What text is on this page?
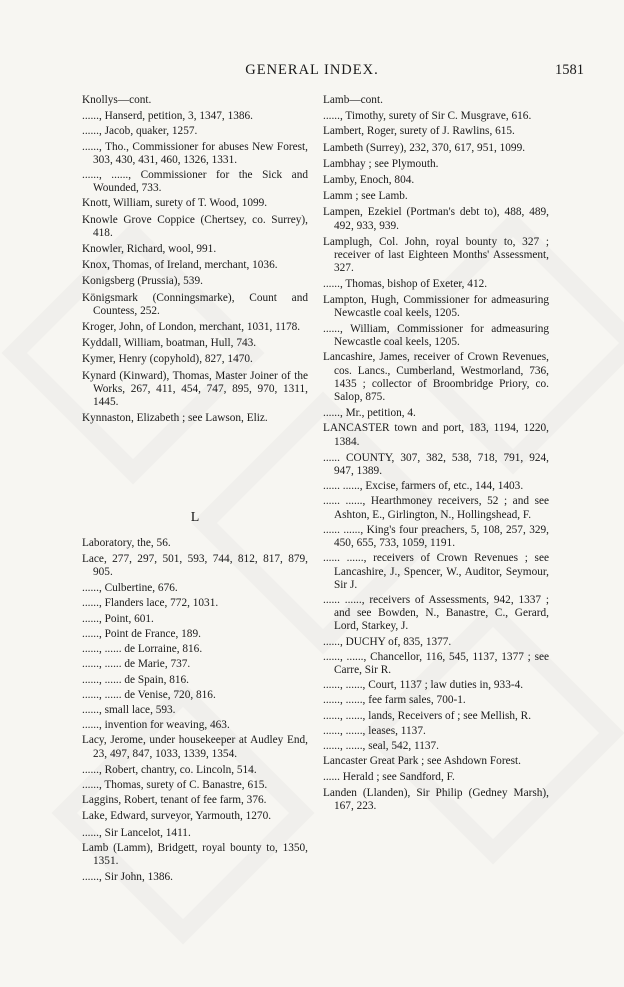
GENERAL INDEX.	1581
Knollys—cont.
......, Hanserd, petition, 3, 1347, 1386.
......, Jacob, quaker, 1257.
......, Tho., Commissioner for abuses New Forest, 303, 430, 431, 460, 1326, 1331.
......, ......, Commissioner for the Sick and Wounded, 733.
Knott, William, surety of T. Wood, 1099.
Knowle Grove Coppice (Chertsey, co. Surrey), 418.
Knowler, Richard, wool, 991.
Knox, Thomas, of Ireland, merchant, 1036.
Konigsberg (Prussia), 539.
Königsmark (Conningsmarke), Count and Countess, 252.
Kroger, John, of London, merchant, 1031, 1178.
Kyddall, William, boatman, Hull, 743.
Kymer, Henry (copyhold), 827, 1470.
Kynard (Kinward), Thomas, Master Joiner of the Works, 267, 411, 454, 747, 895, 970, 1311, 1445.
Kynnaston, Elizabeth ; see Lawson, Eliz.
L
Laboratory, the, 56.
Lace, 277, 297, 501, 593, 744, 812, 817, 879, 905.
......, Culbertine, 676.
......, Flanders lace, 772, 1031.
......, Point, 601.
......, Point de France, 189.
......, ...... de Lorraine, 816.
......, ...... de Marie, 737.
......, ...... de Spain, 816.
......, ...... de Venise, 720, 816.
......, small lace, 593.
......, invention for weaving, 463.
Lacy, Jerome, under housekeeper at Audley End, 23, 497, 847, 1033, 1339, 1354.
......, Robert, chantry, co. Lincoln, 514.
......, Thomas, surety of C. Banastre, 615.
Laggins, Robert, tenant of fee farm, 376.
Lake, Edward, surveyor, Yarmouth, 1270.
......, Sir Lancelot, 1411.
Lamb (Lamm), Bridgett, royal bounty to, 1350, 1351.
......, Sir John, 1386.
Lamb—cont.
......, Timothy, surety of Sir C. Musgrave, 616.
Lambert, Roger, surety of J. Rawlins, 615.
Lambeth (Surrey), 232, 370, 617, 951, 1099.
Lambhay ; see Plymouth.
Lamby, Enoch, 804.
Lamm ; see Lamb.
Lampen, Ezekiel (Portman's debt to), 488, 489, 492, 933, 939.
Lamplugh, Col. John, royal bounty to, 327 ; receiver of last Eighteen Months' Assessment, 327.
......, Thomas, bishop of Exeter, 412.
Lampton, Hugh, Commissioner for admeasuring Newcastle coal keels, 1205.
......, William, Commissioner for admeasuring Newcastle coal keels, 1205.
Lancashire, James, receiver of Crown Revenues, cos. Lancs., Cumberland, Westmorland, 736, 1435 ; collector of Broombridge Priory, co. Salop, 875.
......, Mr., petition, 4.
LANCASTER town and port, 183, 1194, 1220, 1384.
...... COUNTY, 307, 382, 538, 718, 791, 924, 947, 1389.
...... ......, Excise, farmers of, etc., 144, 1403.
...... ......, Hearthmoney receivers, 52 ; and see Ashton, E., Girlington, N., Hollingshead, F.
...... ......, King's four preachers, 5, 108, 257, 329, 450, 655, 733, 1059, 1191.
...... ......, receivers of Crown Revenues ; see Lancashire, J., Spencer, W., Auditor, Seymour, Sir J.
...... ......, receivers of Assessments, 942, 1337 ; and see Bowden, N., Banastre, C., Gerard, Lord, Starkey, J.
......, DUCHY of, 835, 1377.
......, ......, Chancellor, 116, 545, 1137, 1377 ; see Carre, Sir R.
......, ......, Court, 1137 ; law duties in, 933-4.
......, ......, fee farm sales, 700-1.
......, ......, lands, Receivers of ; see Mellish, R.
......, ......, leases, 1137.
......, ......, seal, 542, 1137.
Lancaster Great Park ; see Ashdown Forest.
...... Herald ; see Sandford, F.
Landen (Llanden), Sir Philip (Gedney Marsh), 167, 223.
